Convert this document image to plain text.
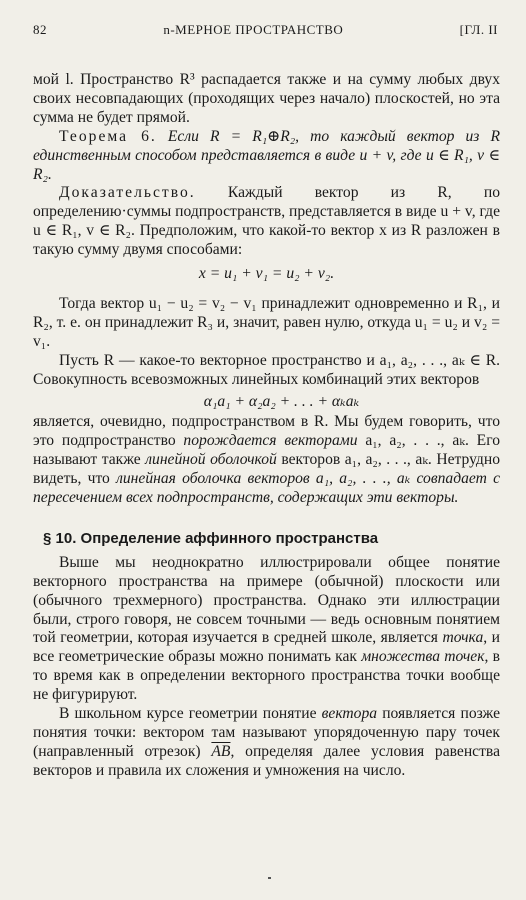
82	n-МЕРНОЕ ПРОСТРАНСТВО	[ГЛ. II

мой l. Пространство R³ распадается также и на сумму любых двух своих несовпадающих (проходящих через начало) плоскостей, но эта сумма не будет прямой.

Теорема 6. Если R = R₁⊕R₂, то каждый вектор из R единственным способом представляется в виде u + v, где u ∈ R₁, v ∈ R₂.

Доказательство. Каждый вектор из R, по определению·суммы подпространств, представляется в виде u + v, где u ∈ R₁, v ∈ R₂. Предположим, что какой-то вектор x из R разложен в такую сумму двумя способами:

x = u₁ + v₁ = u₂ + v₂.

Тогда вектор u₁ − u₂ = v₂ − v₁ принадлежит одновременно и R₁, и R₂, т. е. он принадлежит R₃ и, значит, равен нулю, откуда u₁ = u₂ и v₂ = v₁.

Пусть R — какое-то векторное пространство и a₁, a₂, . . ., aₖ ∈ R. Совокупность всевозможных линейных комбинаций этих векторов

α₁a₁ + α₂a₂ + . . . + αₖaₖ

является, очевидно, подпространством в R. Мы будем говорить, что это подпространство порождается векторами a₁, a₂, . . ., aₖ. Его называют также линейной оболочкой векторов a₁, a₂, . . ., aₖ. Нетрудно видеть, что линейная оболочка векторов a₁, a₂, . . ., aₖ совпадает с пересечением всех подпространств, содержащих эти векторы.

§ 10. Определение аффинного пространства

Выше мы неоднократно иллюстрировали общее понятие векторного пространства на примере (обычной) плоскости или (обычного трехмерного) пространства. Однако эти иллюстрации были, строго говоря, не совсем точными — ведь основным понятием той геометрии, которая изучается в средней школе, является точка, и все геометрические образы можно понимать как множества точек, в то время как в определении векторного пространства точки вообще не фигурируют.

В школьном курсе геометрии понятие вектора появляется позже понятия точки: вектором там называют упорядоченную пару точек (направленный отрезок) $\overline{AB}$, определяя далее условия равенства векторов и правила их сложения и умножения на число.
